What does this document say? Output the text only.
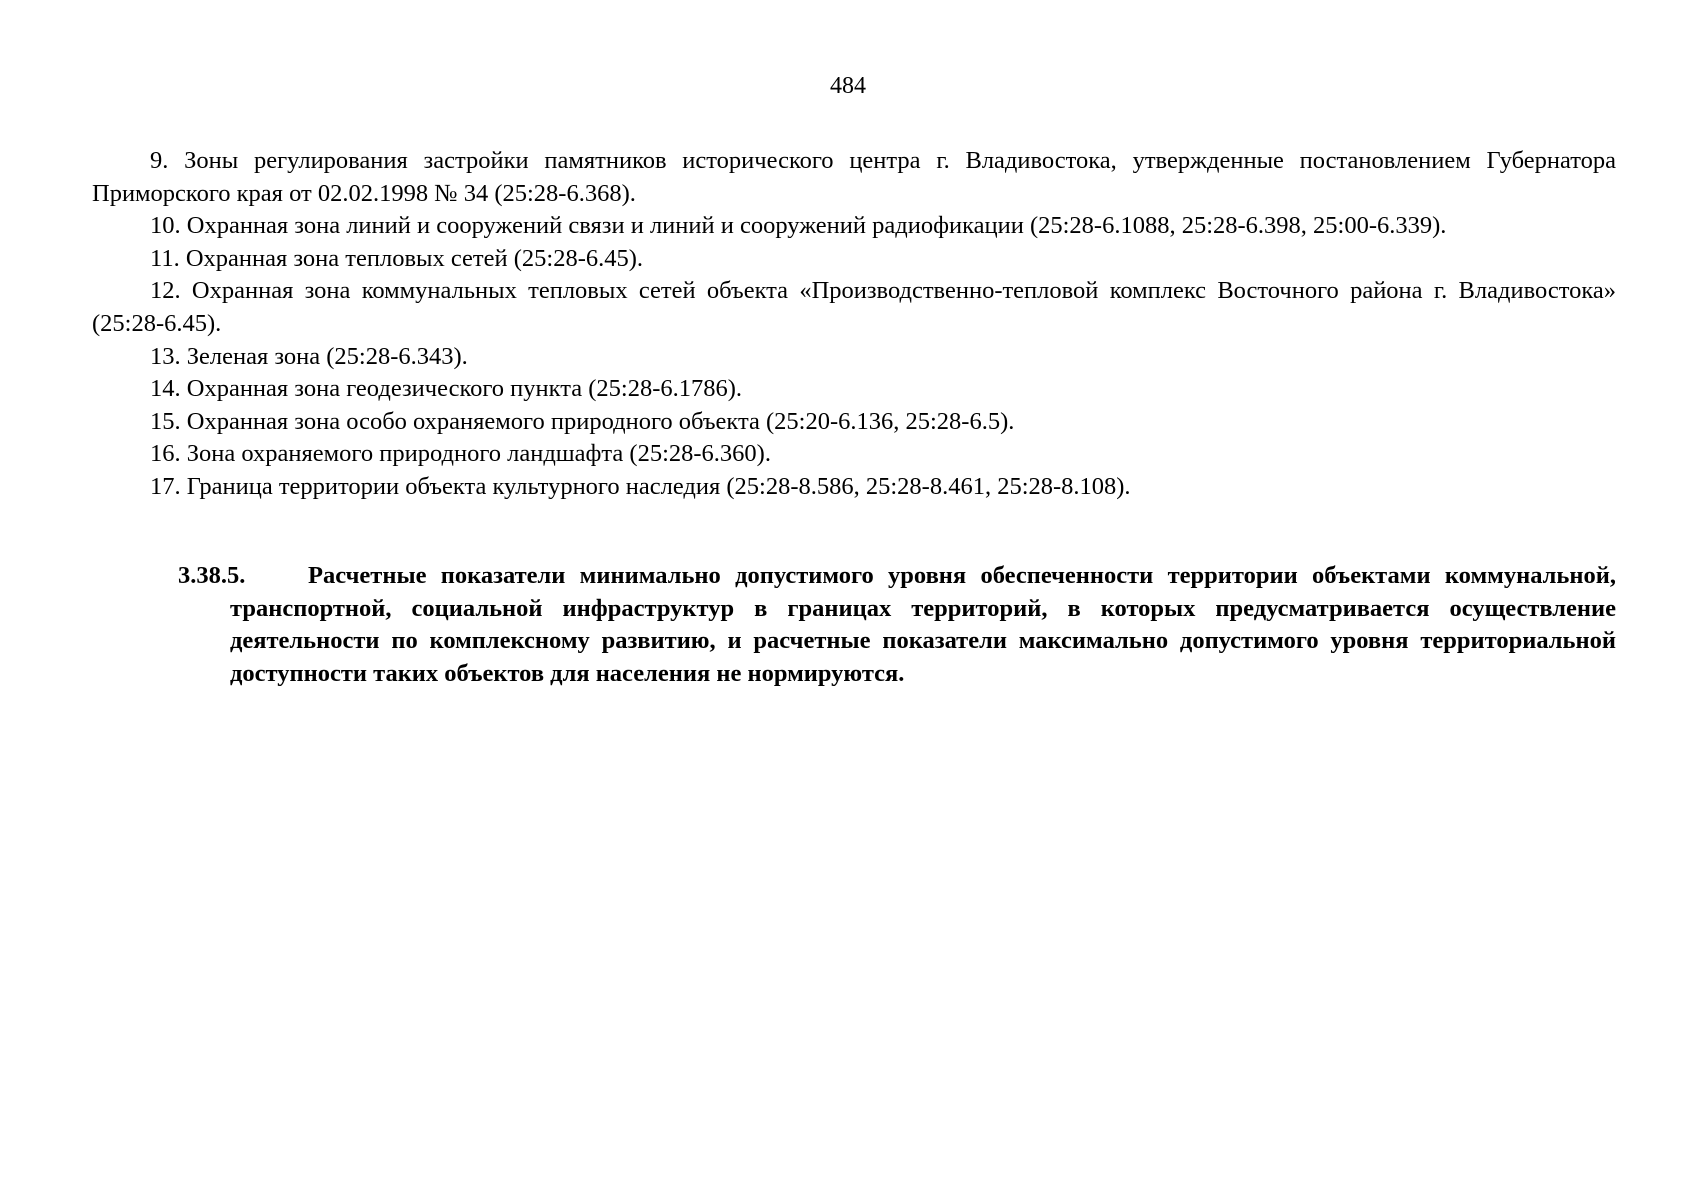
484

9. Зоны регулирования застройки памятников исторического центра г. Владивостока, утвержденные постановлением Губернатора Приморского края от 02.02.1998 № 34 (25:28-6.368).

10. Охранная зона линий и сооружений связи и линий и сооружений радиофикации (25:28-6.1088, 25:28-6.398, 25:00-6.339).

11. Охранная зона тепловых сетей (25:28-6.45).

12. Охранная зона коммунальных тепловых сетей объекта «Производственно-тепловой комплекс Восточного района г. Владивостока» (25:28-6.45).

13. Зеленая зона (25:28-6.343).

14. Охранная зона геодезического пункта (25:28-6.1786).

15. Охранная зона особо охраняемого природного объекта (25:20-6.136, 25:28-6.5).

16. Зона охраняемого природного ландшафта (25:28-6.360).

17. Граница территории объекта культурного наследия (25:28-8.586, 25:28-8.461, 25:28-8.108).

3.38.5.	Расчетные показатели минимально допустимого уровня обеспеченности территории объектами коммунальной, транспортной, социальной инфраструктур в границах территорий, в которых предусматривается осуществление деятельности по комплексному развитию, и расчетные показатели максимально допустимого уровня территориальной доступности таких объектов для населения не нормируются.
